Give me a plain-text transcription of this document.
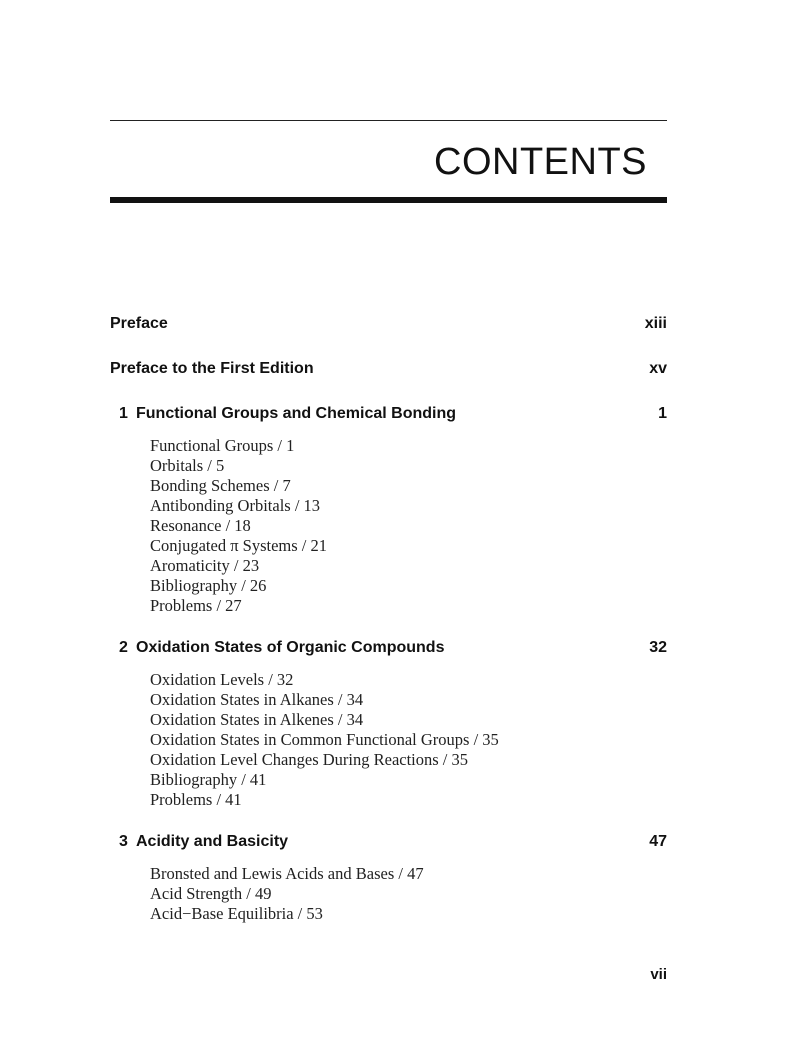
CONTENTS
Preface	xiii
Preface to the First Edition	xv
1 Functional Groups and Chemical Bonding	1
Functional Groups / 1
Orbitals / 5
Bonding Schemes / 7
Antibonding Orbitals / 13
Resonance / 18
Conjugated π Systems / 21
Aromaticity / 23
Bibliography / 26
Problems / 27
2 Oxidation States of Organic Compounds	32
Oxidation Levels / 32
Oxidation States in Alkanes / 34
Oxidation States in Alkenes / 34
Oxidation States in Common Functional Groups / 35
Oxidation Level Changes During Reactions / 35
Bibliography / 41
Problems / 41
3 Acidity and Basicity	47
Bronsted and Lewis Acids and Bases / 47
Acid Strength / 49
Acid−Base Equilibria / 53
vii
